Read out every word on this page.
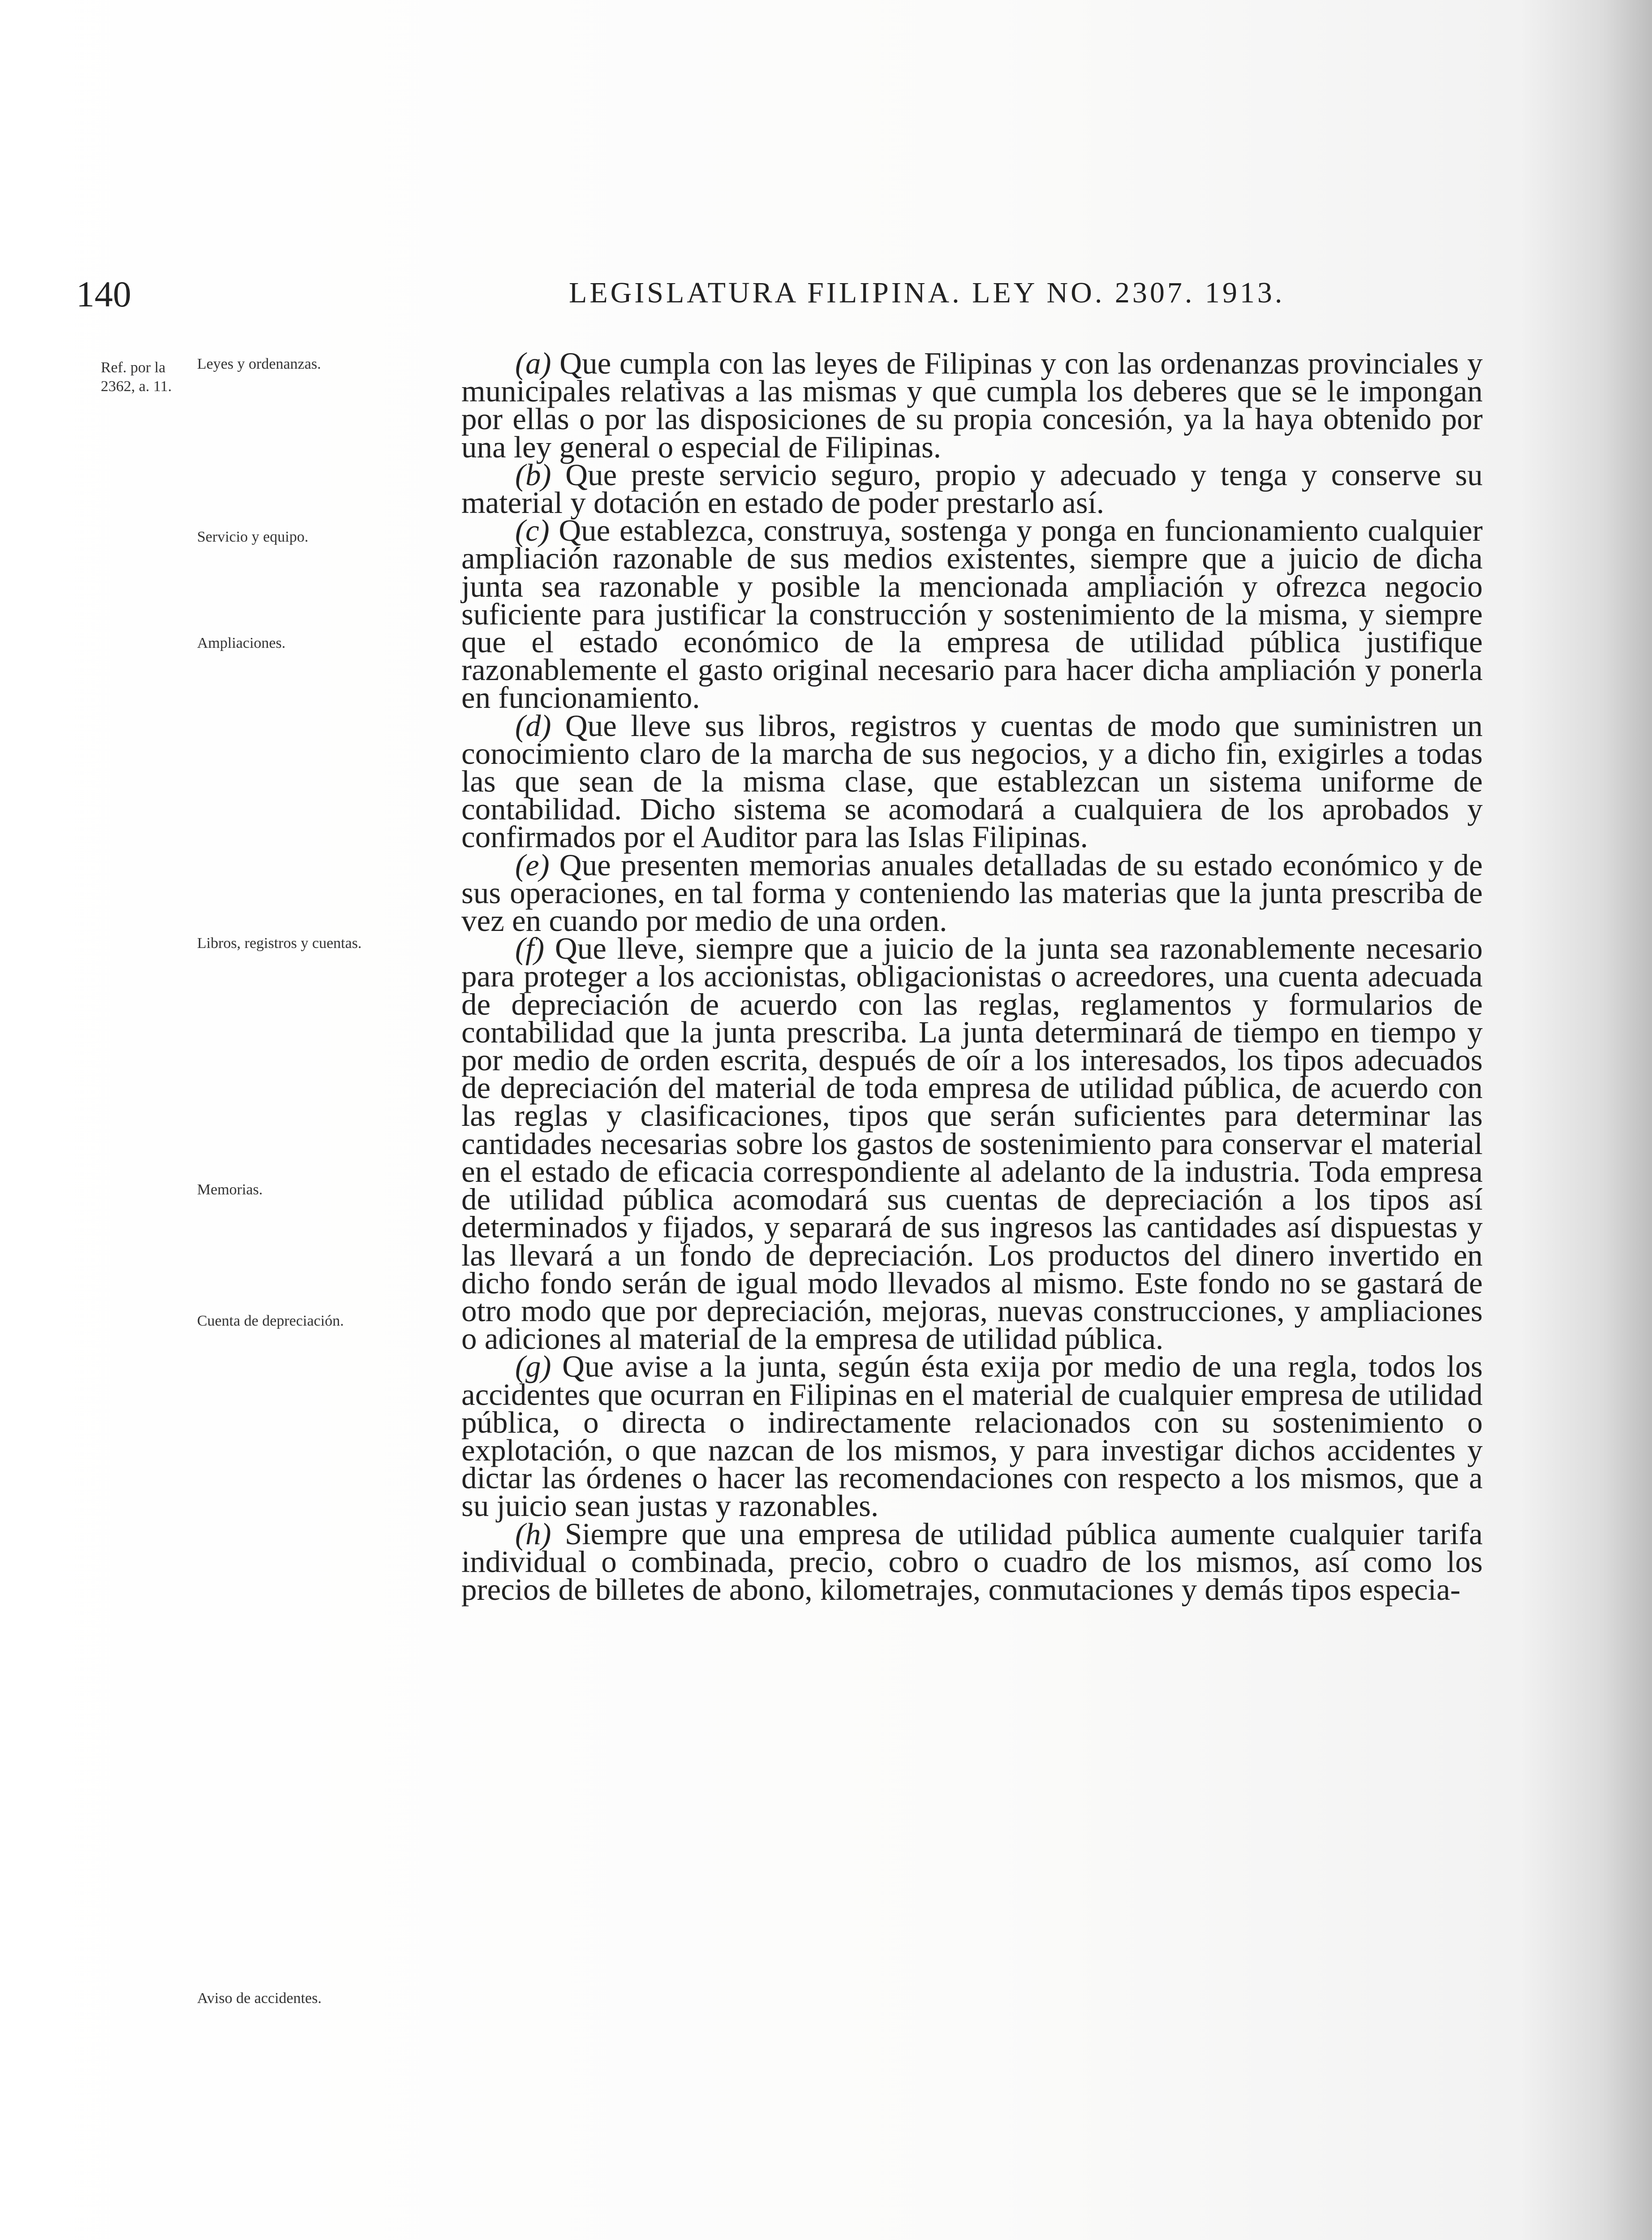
140	LEGISLATURA FILIPINA. LEY NO. 2307. 1913.
Ref. por la 2362, a. 11.
Leyes y ordenanzas.
Servicio y equipo.
Ampliaciones.
Libros, registros y cuentas.
Memorias.
Cuenta de depreciación.
Aviso de accidentes.

(a) Que cumpla con las leyes de Filipinas y con las ordenanzas provinciales y municipales relativas a las mismas y que cumpla los deberes que se le impongan por ellas o por las disposiciones de su propia concesión, ya la haya obtenido por una ley general o especial de Filipinas.

(b) Que preste servicio seguro, propio y adecuado y tenga y conserve su material y dotación en estado de poder prestarlo así.

(c) Que establezca, construya, sostenga y ponga en funcionamiento cualquier ampliación razonable de sus medios existentes, siempre que a juicio de dicha junta sea razonable y posible la mencionada ampliación y ofrezca negocio suficiente para justificar la construcción y sostenimiento de la misma, y siempre que el estado económico de la empresa de utilidad pública justifique razonablemente el gasto original necesario para hacer dicha ampliación y ponerla en funcionamiento.

(d) Que lleve sus libros, registros y cuentas de modo que suministren un conocimiento claro de la marcha de sus negocios, y a dicho fin, exigirles a todas las que sean de la misma clase, que establezcan un sistema uniforme de contabilidad. Dicho sistema se acomodará a cualquiera de los aprobados y confirmados por el Auditor para las Islas Filipinas.

(e) Que presenten memorias anuales detalladas de su estado económico y de sus operaciones, en tal forma y conteniendo las materias que la junta prescriba de vez en cuando por medio de una orden.

(f) Que lleve, siempre que a juicio de la junta sea razonablemente necesario para proteger a los accionistas, obligacionistas o acreedores, una cuenta adecuada de depreciación de acuerdo con las reglas, reglamentos y formularios de contabilidad que la junta prescriba. La junta determinará de tiempo en tiempo y por medio de orden escrita, después de oír a los interesados, los tipos adecuados de depreciación del material de toda empresa de utilidad pública, de acuerdo con las reglas y clasificaciones, tipos que serán suficientes para determinar las cantidades necesarias sobre los gastos de sostenimiento para conservar el material en el estado de eficacia correspondiente al adelanto de la industria. Toda empresa de utilidad pública acomodará sus cuentas de depreciación a los tipos así determinados y fijados, y separará de sus ingresos las cantidades así dispuestas y las llevará a un fondo de depreciación. Los productos del dinero invertido en dicho fondo serán de igual modo llevados al mismo. Este fondo no se gastará de otro modo que por depreciación, mejoras, nuevas construcciones, y ampliaciones o adiciones al material de la empresa de utilidad pública.

(g) Que avise a la junta, según ésta exija por medio de una regla, todos los accidentes que ocurran en Filipinas en el material de cualquier empresa de utilidad pública, o directa o indirectamente relacionados con su sostenimiento o explotación, o que nazcan de los mismos, y para investigar dichos accidentes y dictar las órdenes o hacer las recomendaciones con respecto a los mismos, que a su juicio sean justas y razonables.

(h) Siempre que una empresa de utilidad pública aumente cualquier tarifa individual o combinada, precio, cobro o cuadro de los mismos, así como los precios de billetes de abono, kilometrajes, conmutaciones y demás tipos especia-
